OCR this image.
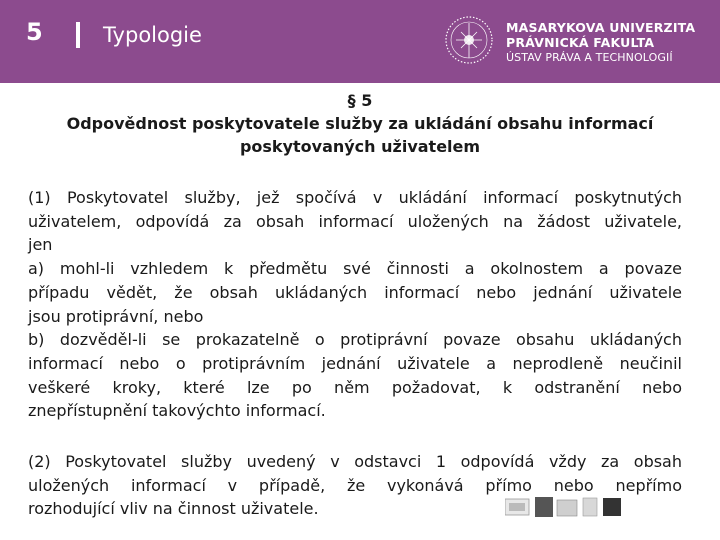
5	Typologie	MASARYKOVA UNIVERZITA
PRÁVNICKÁ FAKULTA
ÚSTAV PRÁVA A TECHNOLOGIÍ
§ 5
Odpovědnost poskytovatele služby za ukládání obsahu informací
poskytovaných uživatelem
(1) Poskytovatel služby, jež spočívá v ukládání informací poskytnutých
uživatelem, odpovídá za obsah informací uložených na žádost uživatele,
jen
a) mohl-li vzhledem k předmětu své činnosti a okolnostem a povaze
případu vědět, že obsah ukládaných informací nebo jednání uživatele
jsou protiprávní, nebo
b) dozvěděl-li se prokazatelně o protiprávní povaze obsahu ukládaných
informací nebo o protiprávním jednání uživatele a neprodleně neučinil
veškeré kroky, které lze po něm požadovat, k odstranění nebo
znepřístupnění takovýchto informací.
(2) Poskytovatel služby uvedený v odstavci 1 odpovídá vždy za obsah
uložených informací v případě, že vykonává přímo nebo nepřímo
rozhodující vliv na činnost uživatele.
